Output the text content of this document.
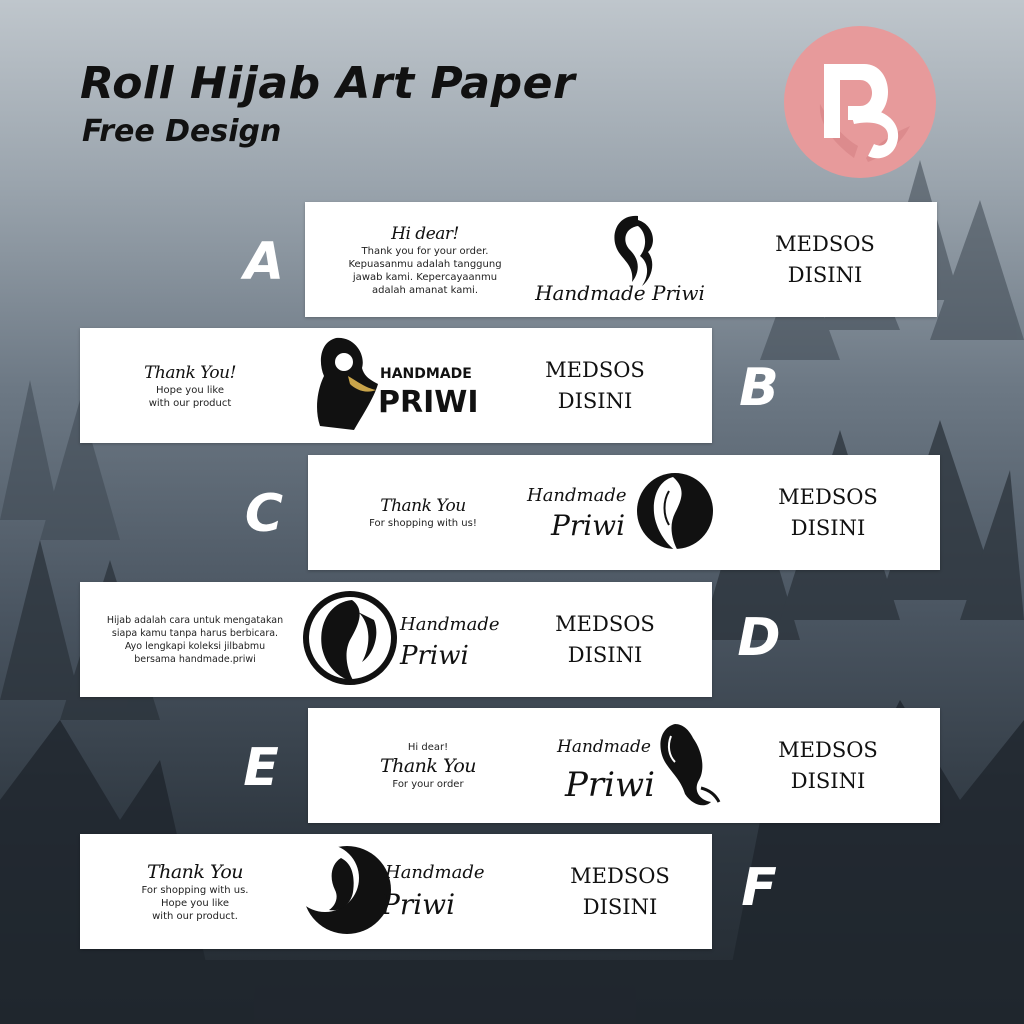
Roll Hijab Art Paper
Free Design
A	Hi dear!
Thank you for your order.
Kepuasanmu adalah tanggung
jawab kami. Kepercayaanmu
adalah amanat kami.	Handmade Priwi
MEDSOS
DISINI
Thank You!
Hope you like
with our product
HANDMADE
PRIWI
MEDSOS
DISINI B
C	Thank You
For shopping with us!
Handmade
Priwi
MEDSOS
DISINI
Hijab adalah cara untuk mengatakan
siapa kamu tanpa harus berbicara.
Ayo lengkapi koleksi jilbabmu
bersama handmade.priwi
Handmade
Priwi
MEDSOS
DISINI D
E	Hi dear!
Thank You
For your order
Handmade
Priwi
MEDSOS
DISINI
Thank You
For shopping with us.
Hope you like
with our product.
Handmade
Priwi
MEDSOS
DISINI	F
